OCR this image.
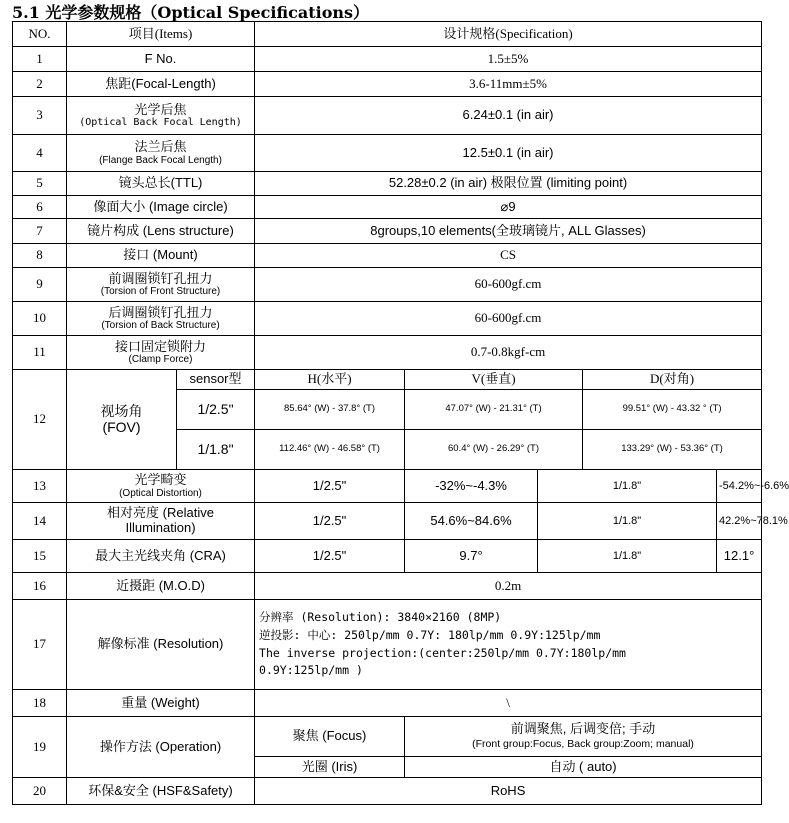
5.1 光学参数规格（Optical Specifications）
NO.	项目(Items)		设计规格(Specification)				
1	F No.		1.5±5%				
2	焦距(Focal-Length)		3.6-11mm±5%				
3	光学后焦
(Optical Back Focal Length)		6.24±0.1 (in air)				
4	法兰后焦
(Flange Back Focal Length)		12.5±0.1 (in air)				
5	镜头总长(TTL)		52.28±0.2 (in air) 极限位置 (limiting point)				
6	像面大小 (Image circle)		⌀9				
7	镜片构成 (Lens structure)		8groups,10 elements(全玻璃镜片, ALL Glasses)				
8	接口 (Mount)		CS				
9	前调圈锁钉孔扭力
(Torsion of Front Structure)		60-600gf.cm				
10	后调圈锁钉孔扭力
(Torsion of Back Structure)		60-600gf.cm				
11	接口固定锁附力
(Clamp Force)		0.7-0.8kgf-cm				
12	视场角
(FOV)	sensor型	H(水平)	V(垂直)		D(对角)	
		1/2.5"	85.64° (W) - 37.8° (T)	47.07° (W) - 21.31° (T)		99.51° (W) - 43.32 ° (T)	
		1/1.8"	112.46° (W) - 46.58° (T)	60.4° (W) - 26.29° (T)		133.29° (W) - 53.36° (T)	
13	光学畸变
(Optical Distortion)		1/2.5"	-32%~-4.3%	1/1.8"		-54.2%~-6.6%
14	相对亮度 (Relative
Illumination)		1/2.5"	54.6%~84.6%	1/1.8"		42.2%~78.1%
15	最大主光线夹角 (CRA)		1/2.5"	9.7°	1/1.8"		12.1°
16	近摄距 (M.O.D)		0.2m				
17	解像标准 (Resolution)		分辨率 (Resolution): 3840×2160 (8MP)
逆投影: 中心: 250lp/mm 0.7Y: 180lp/mm 0.9Y:125lp/mm
The inverse projection:(center:250lp/mm 0.7Y:180lp/mm
0.9Y:125lp/mm )				

18	重量 (Weight)		\				
19	操作方法 (Operation)		聚焦 (Focus)	前调聚焦, 后调变倍; 手动
(Front group:Focus, Back group:Zoom; manual)			
			光圈 (Iris)	自动 ( auto)			
20	环保&安全 (HSF&Safety)		RoHS				
